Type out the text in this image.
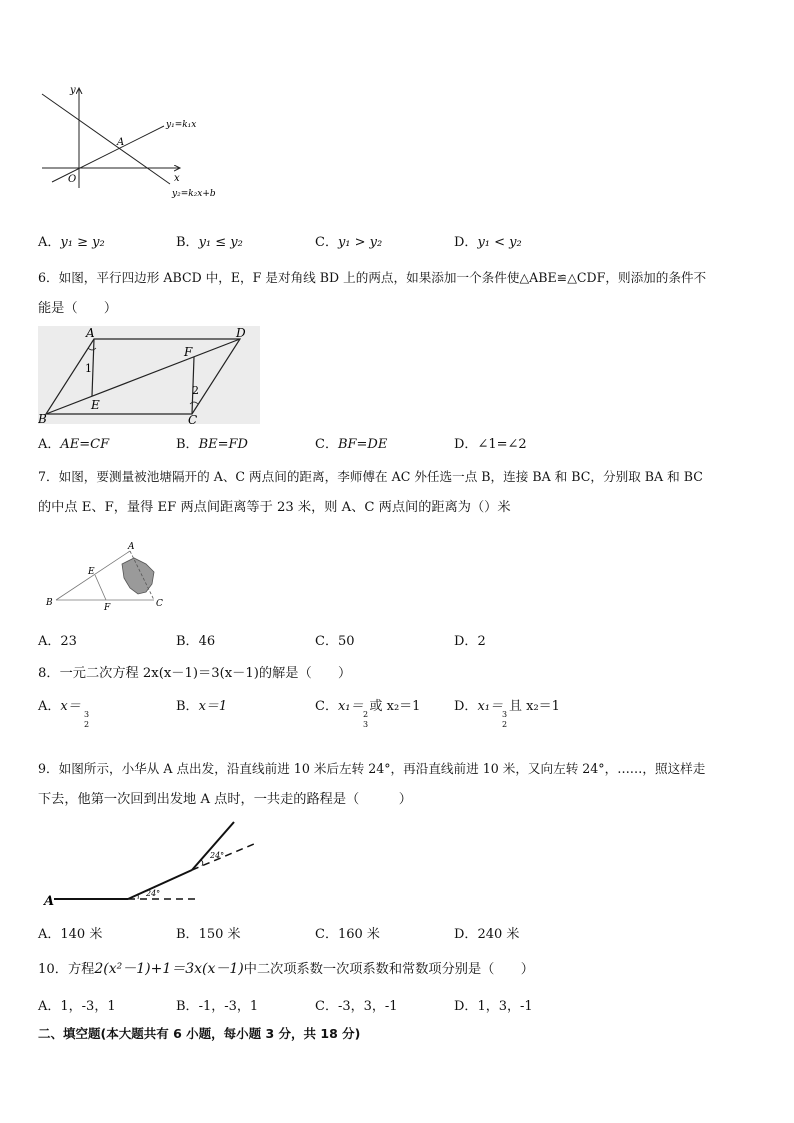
y
x
O
A
y₁=k₁x
y₂=k₂x+b
A．y₁ ≥ y₂	B．y₁ ≤ y₂	C．y₁ > y₂	D．y₁ < y₂
6．如图，平行四边形 ABCD 中，E，F 是对角线 BD 上的两点，如果添加一个条件使△ABE≌△CDF，则添加的条件不
能是（　　）
A	D
B	C
E
F
1
2
A．AE=CF	B．BE=FD	C．BF=DE	D．∠1=∠2
7．如图，要测量被池塘隔开的 A、C 两点间的距离，李师傅在 AC 外任选一点 B，连接 BA 和 BC，分别取 BA 和 BC
的中点 E、F，量得 EF 两点间距离等于 23 米，则 A、C 两点间的距离为（）米
A
B	C
E
F
A．23	B．46	C．50	D．2
8．一元二次方程 2x(x－1)＝3(x－1)的解是（　　）
A．x＝
3
2
B．x＝1	C．x₁＝ 或 x₂＝1
2
3
D．x₁＝ 且 x₂＝1
3
2
9．如图所示，小华从 A 点出发，沿直线前进 10 米后左转 24°，再沿直线前进 10 米，又向左转 24°，……，照这样走
下去，他第一次回到出发地 A 点时，一共走的路程是（　　　）
A
24°
24°
A．140 米	B．150 米	C．160 米	D．240 米
10．方程2(x²－1)+1＝3x(x－1)中二次项系数一次项系数和常数项分别是（　　）
A．1，-3，1	B．-1，-3，1	C．-3，3，-1	D．1，3，-1
二、填空题(本大题共有 6 小题，每小题 3 分，共 18 分)
